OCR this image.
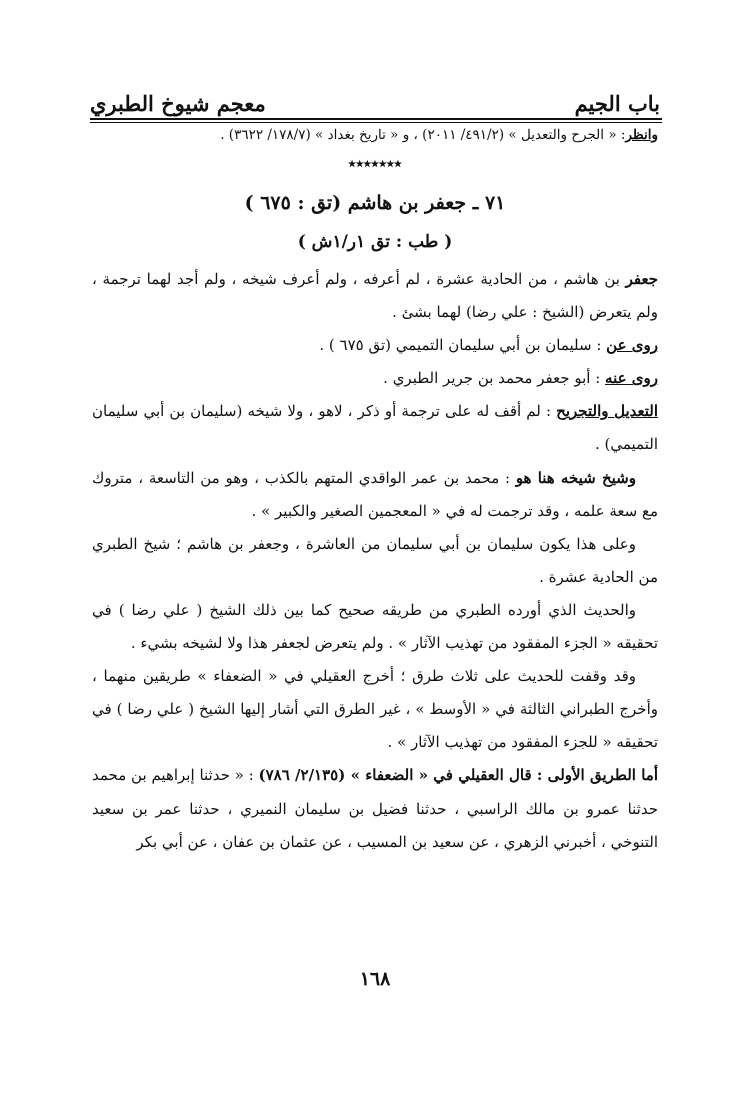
باب الجيم
معجم شيوخ الطبري
وانظر: « الجرح والتعديل » (٤٩١/٢/ ٢٠١١) ، و « تاريخ بغداد » (١٧٨/٧/ ٣٦٢٢) .
٭٭٭٭٭٭٭
٧١ ـ جعفر بن هاشم (تق : ٦٧٥ )
( طب : تق ١ر/١ش )

جعفر بن هاشم ، من الحادية عشرة ، لم أعرفه ، ولم أعرف شيخه ، ولم أجد لهما ترجمة ، ولم يتعرض (الشيخ : علي رضا) لهما بشئ .

روى عن : سليمان بن أبي سليمان التميمي (تق ٦٧٥ ) .

روى عنه : أبو جعفر محمد بن جرير الطبري .

التعديل والتجريح : لم أقف له على ترجمة أو ذكر ، لاهو ، ولا شيخه (سليمان بن أبي سليمان التميمي) .

وشيخ شيخه هنا هو : محمد بن عمر الواقدي المتهم بالكذب ، وهو من التاسعة ، متروك مع سعة علمه ، وقد ترجمت له في « المعجمين الصغير والكبير » .

وعلى هذا يكون سليمان بن أبي سليمان من العاشرة ، وجعفر بن هاشم ؛ شيخ الطبري من الحادية عشرة .

والحديث الذي أورده الطبري من طريقه صحيح كما بين ذلك الشيخ ( علي رضا ) في تحقيقه « الجزء المفقود من تهذيب الآثار » . ولم يتعرض لجعفر هذا ولا لشيخه بشيء .

وقد وقفت للحديث على ثلاث طرق ؛ أخرج العقيلي في « الضعفاء » طريقين منهما ، وأخرج الطبراني الثالثة في « الأوسط » ، غير الطرق التي أشار إليها الشيخ ( علي رضا ) في تحقيقه « للجزء المفقود من تهذيب الآثار » .

أما الطريق الأولى : قال العقيلي في « الضعفاء » (٢/١٣٥/ ٧٨٦) : « حدثنا إبراهيم بن محمد حدثنا عمرو بن مالك الراسبي ، حدثنا فضيل بن سليمان النميري ، حدثنا عمر بن سعيد التنوخي ، أخبرني الزهري ، عن سعيد بن المسيب ، عن عثمان بن عفان ، عن أبي بكر

١٦٨
